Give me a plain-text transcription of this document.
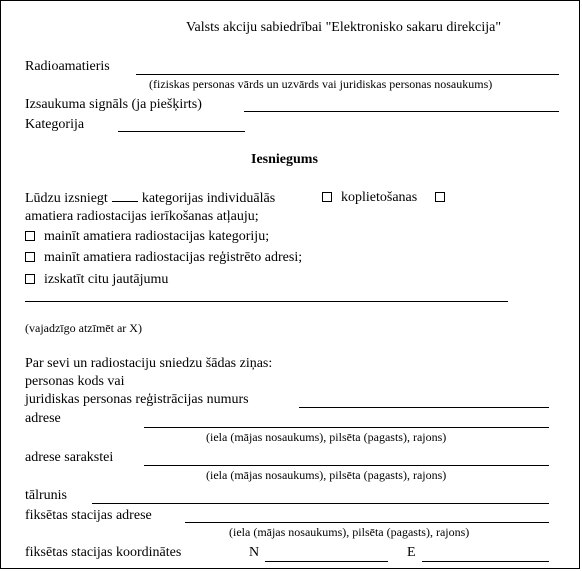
Valsts akciju sabiedrībai "Elektronisko sakaru direkcija"
Radioamatieris
(fiziskas personas vārds un uzvārds vai juridiskas personas nosaukums)
Izsaukuma signāls (ja piešķirts)
Kategorija
Iesniegums
Lūdzu izsniegt kategorijas individuālās	koplietošanas
amatiera radiostacijas ierīkošanas atļauju;
mainīt amatiera radiostacijas kategoriju;
mainīt amatiera radiostacijas reģistrēto adresi;
izskatīt citu jautājumu
(vajadzīgo atzīmēt ar X)
Par sevi un radiostaciju sniedzu šādas ziņas:
personas kods vai
juridiskas personas reģistrācijas numurs
adrese
(iela (mājas nosaukums), pilsēta (pagasts), rajons)
adrese sarakstei
(iela (mājas nosaukums), pilsēta (pagasts), rajons)
tālrunis
fiksētas stacijas adrese
(iela (mājas nosaukums), pilsēta (pagasts), rajons)
fiksētas stacijas koordinātes	N	E
